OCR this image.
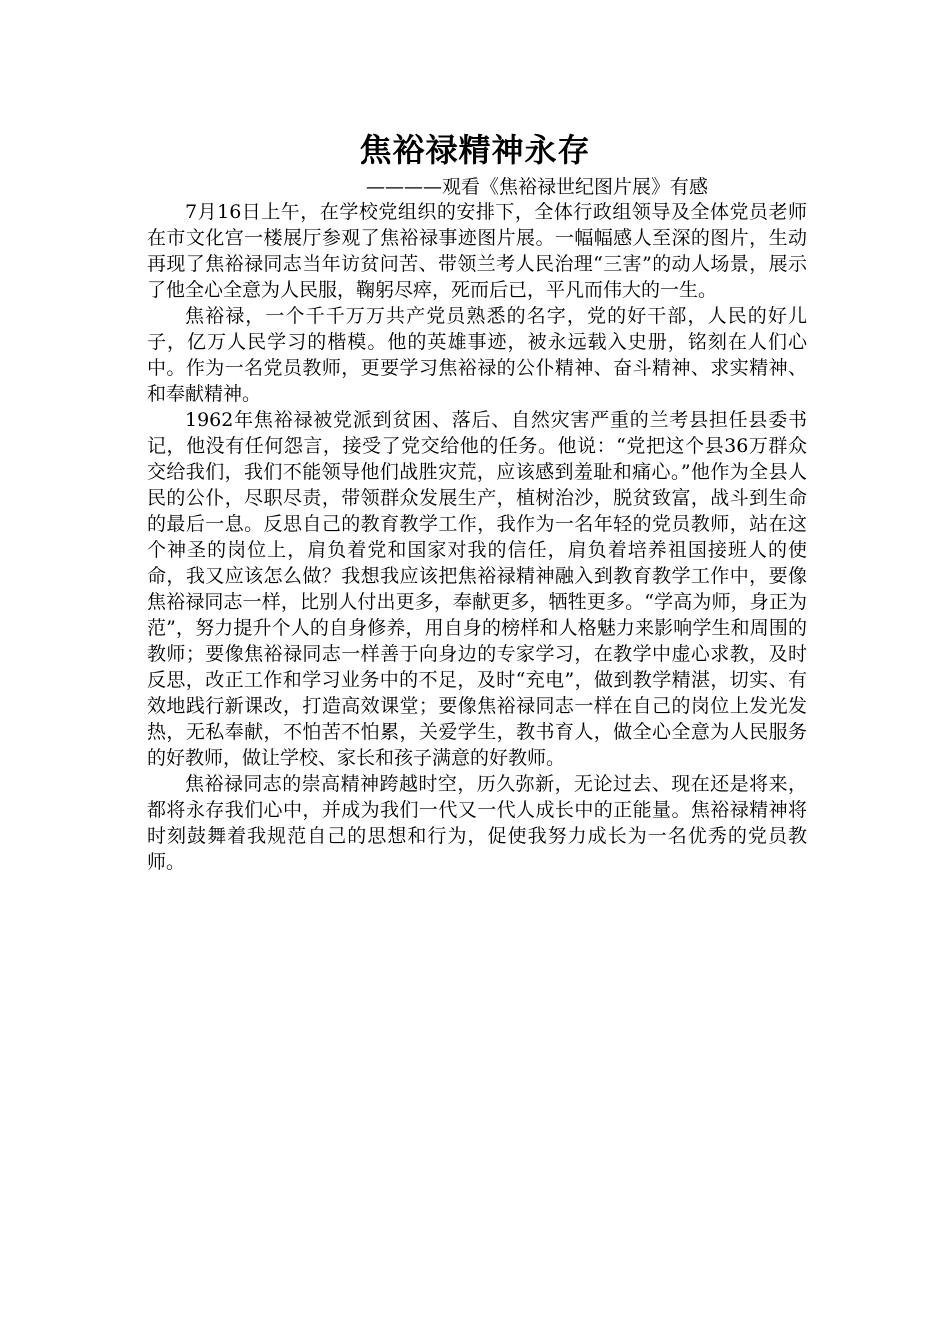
焦裕禄精神永存

————观看《焦裕禄世纪图片展》有感

7月16日上午，在学校党组织的安排下，全体行政组领导及全体党员老师在市文化宫一楼展厅参观了焦裕禄事迹图片展。一幅幅感人至深的图片，生动再现了焦裕禄同志当年访贫问苦、带领兰考人民治理“三害”的动人场景，展示了他全心全意为人民服，鞠躬尽瘁，死而后已，平凡而伟大的一生。

焦裕禄，一个千千万万共产党员熟悉的名字，党的好干部，人民的好儿子，亿万人民学习的楷模。他的英雄事迹，被永远载入史册，铭刻在人们心中。作为一名党员教师，更要学习焦裕禄的公仆精神、奋斗精神、求实精神、和奉献精神。

1962年焦裕禄被党派到贫困、落后、自然灾害严重的兰考县担任县委书记，他没有任何怨言，接受了党交给他的任务。他说：“党把这个县36万群众交给我们，我们不能领导他们战胜灾荒，应该感到羞耻和痛心。”他作为全县人民的公仆，尽职尽责，带领群众发展生产，植树治沙，脱贫致富，战斗到生命的最后一息。反思自己的教育教学工作，我作为一名年轻的党员教师，站在这个神圣的岗位上，肩负着党和国家对我的信任，肩负着培养祖国接班人的使命，我又应该怎么做？我想我应该把焦裕禄精神融入到教育教学工作中，要像焦裕禄同志一样，比别人付出更多，奉献更多，牺牲更多。“学高为师，身正为范”，努力提升个人的自身修养，用自身的榜样和人格魅力来影响学生和周围的教师；要像焦裕禄同志一样善于向身边的专家学习，在教学中虚心求教，及时反思，改正工作和学习业务中的不足，及时“充电”，做到教学精湛，切实、有效地践行新课改，打造高效课堂；要像焦裕禄同志一样在自己的岗位上发光发热，无私奉献，不怕苦不怕累，关爱学生，教书育人，做全心全意为人民服务的好教师，做让学校、家长和孩子满意的好教师。

焦裕禄同志的崇高精神跨越时空，历久弥新，无论过去、现在还是将来，都将永存我们心中，并成为我们一代又一代人成长中的正能量。焦裕禄精神将时刻鼓舞着我规范自己的思想和行为，促使我努力成长为一名优秀的党员教师。
